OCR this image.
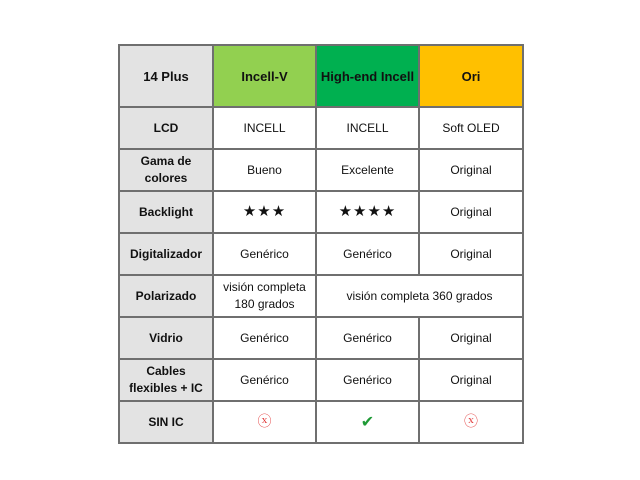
14 Plus	Incell-V	High-end Incell	Ori
LCD	INCELL	INCELL	Soft OLED
Gama de colores	Bueno	Excelente	Original
Backlight	★★★	★★★★	Original
Digitalizador	Genérico	Genérico	Original
Polarizado	visión completa 180 grados	visión completa 360 grados	
Vidrio	Genérico	Genérico	Original
Cables flexibles + IC	Genérico	Genérico	Original
SIN IC	ⓧ	✔	ⓧ
